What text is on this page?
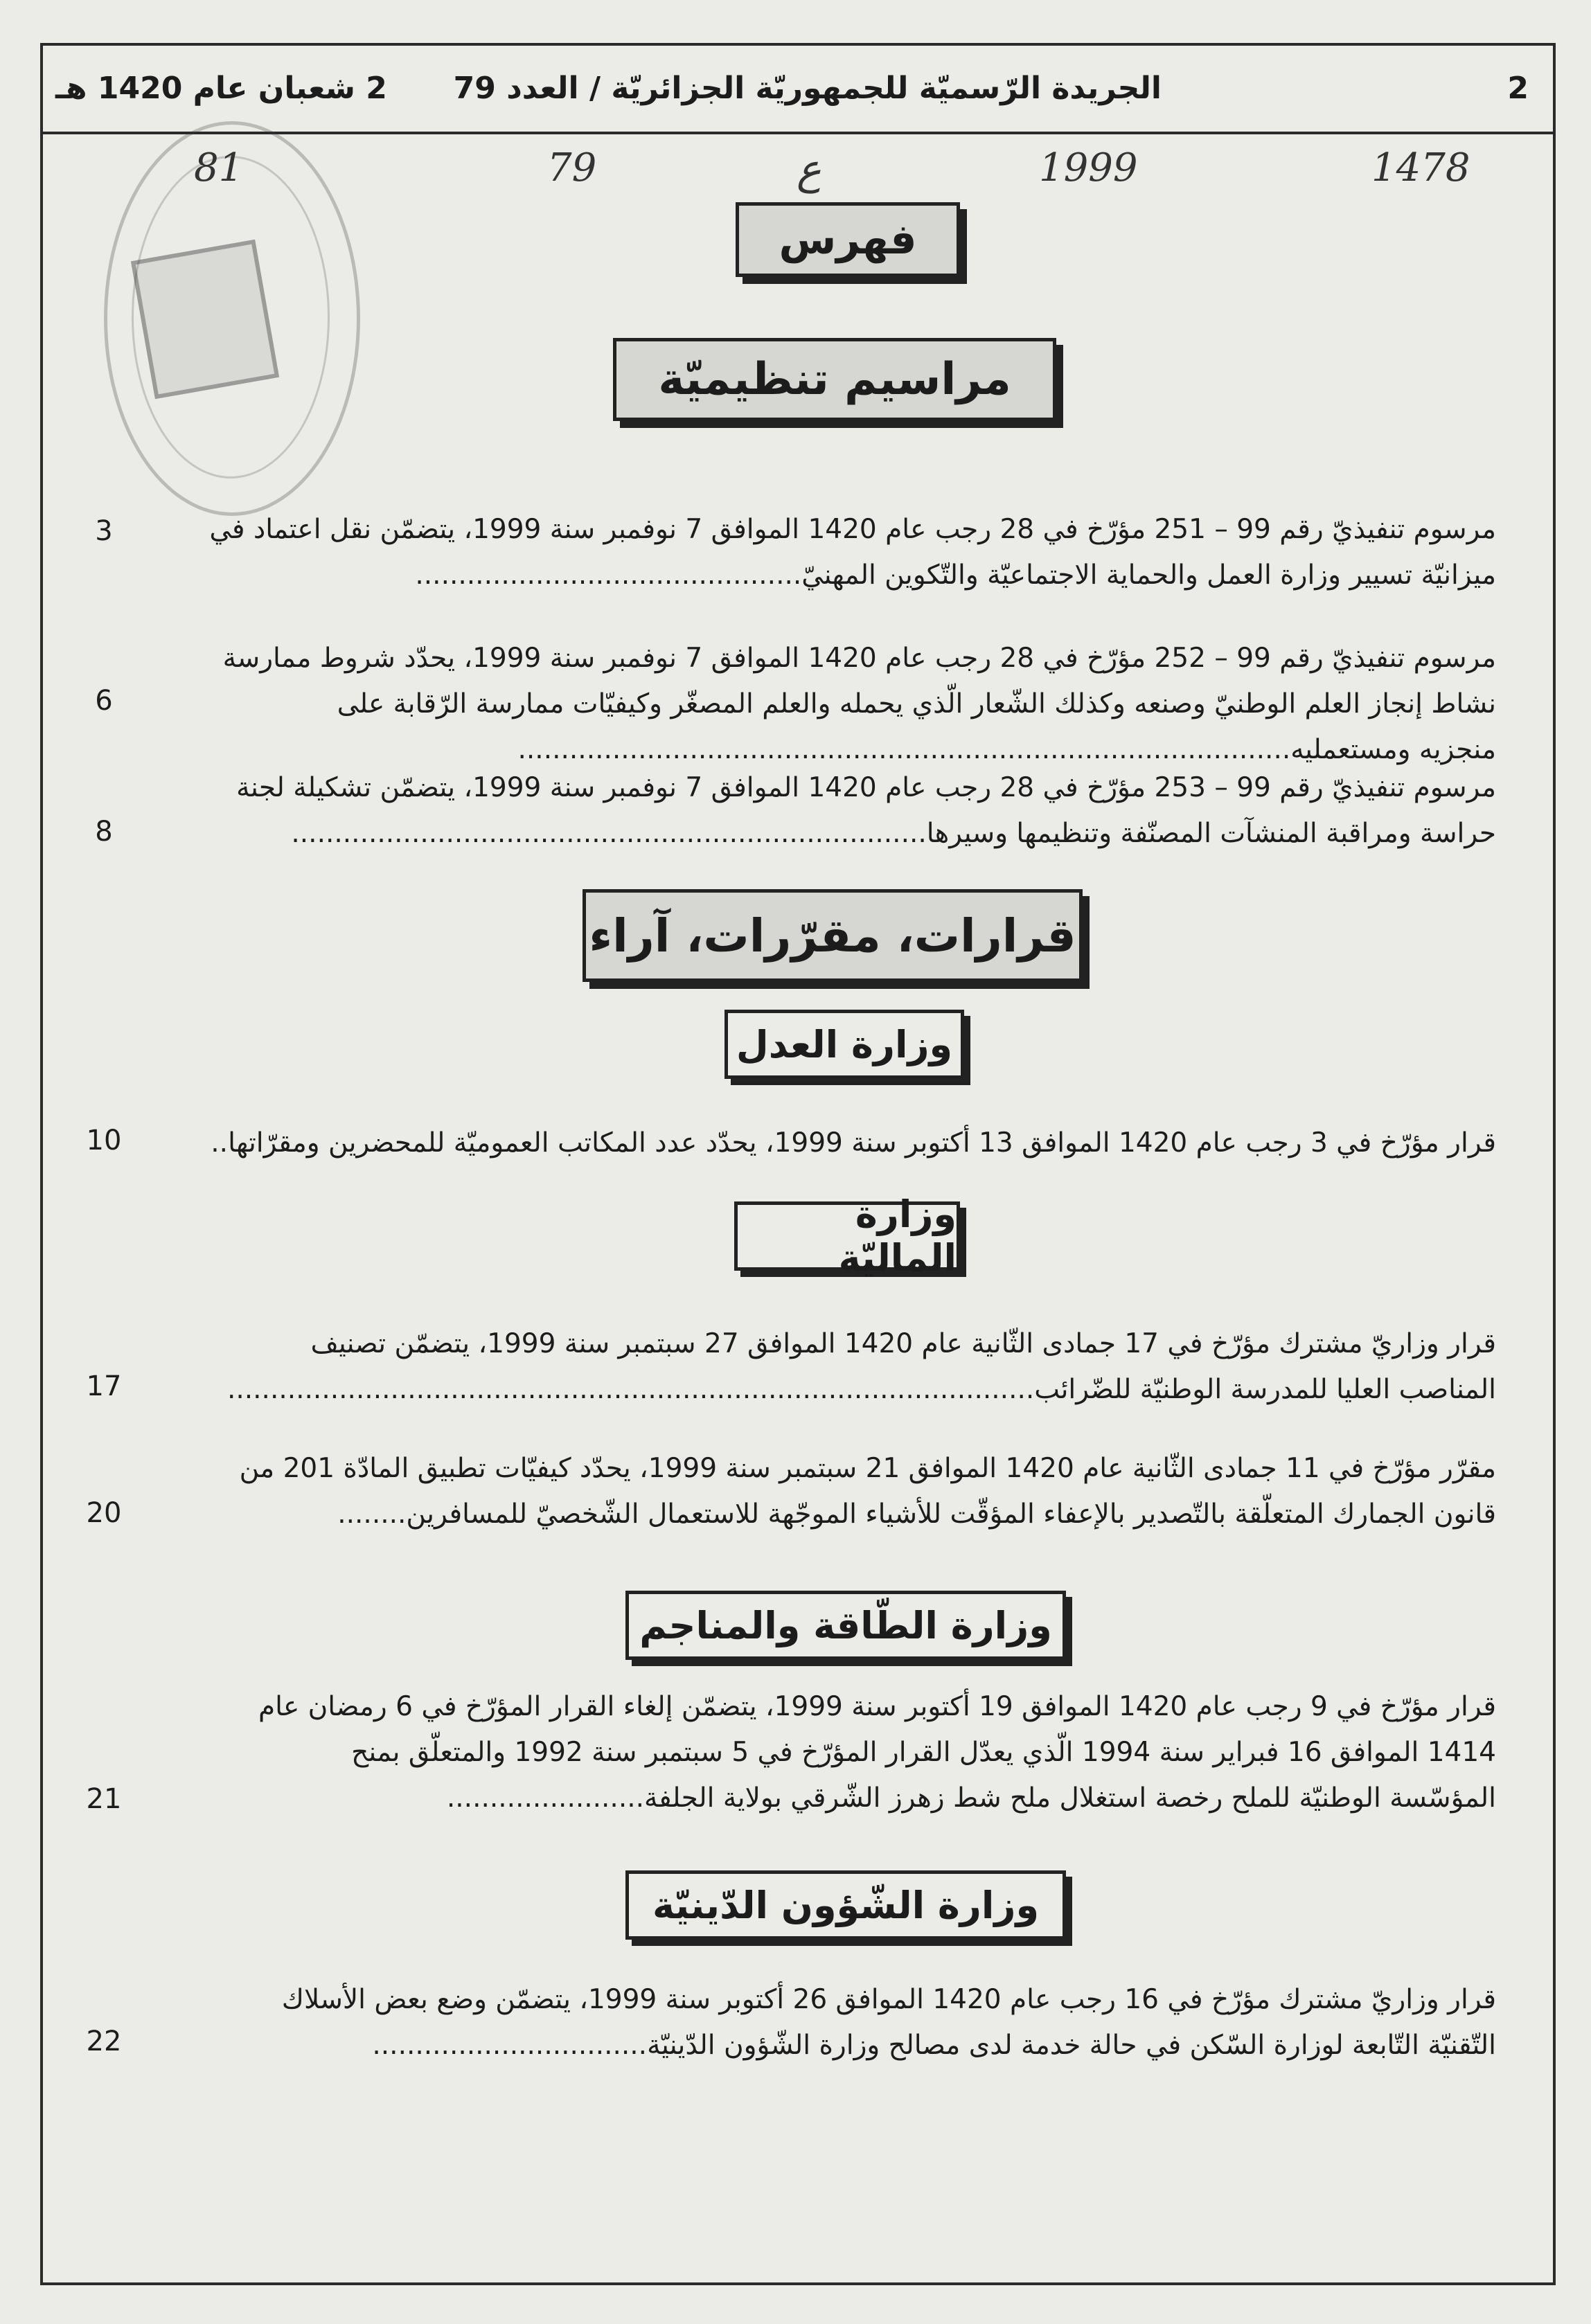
2
الجريدة الرّسميّة للجمهوريّة الجزائريّة / العدد 79
2 شعبان عام 1420 هـ
1478
1999
ع
79
81
فهرس
مراسيم تنظيميّة
مرسوم تنفيذيّ رقم 99 – 251 مؤرّخ في 28 رجب عام 1420 الموافق 7 نوفمبر سنة 1999، يتضمّن نقل اعتماد في
ميزانيّة تسيير وزارة العمل والحماية الاجتماعيّة والتّكوين المهنيّ.............................................
3
مرسوم تنفيذيّ رقم 99 – 252 مؤرّخ في 28 رجب عام 1420 الموافق 7 نوفمبر سنة 1999، يحدّد شروط ممارسة
نشاط إنجاز العلم الوطنيّ وصنعه وكذلك الشّعار الّذي يحمله والعلم المصغّر وكيفيّات ممارسة الرّقابة على
منجزيه ومستعمليه..........................................................................................
6
مرسوم تنفيذيّ رقم 99 – 253 مؤرّخ في 28 رجب عام 1420 الموافق 7 نوفمبر سنة 1999، يتضمّن تشكيلة لجنة
حراسة ومراقبة المنشآت المصنّفة وتنظيمها وسيرها..........................................................................
8
قرارات، مقرّرات، آراء
وزارة العدل
قرار مؤرّخ في 3 رجب عام 1420 الموافق 13 أكتوبر سنة 1999، يحدّد عدد المكاتب العموميّة للمحضرين ومقرّاتها..
10
وزارة الماليّة
قرار وزاريّ مشترك مؤرّخ في 17 جمادى الثّانية عام 1420 الموافق 27 سبتمبر سنة 1999، يتضمّن تصنيف
المناصب العليا للمدرسة الوطنيّة للضّرائب..............................................................................................
17
مقرّر مؤرّخ في 11 جمادى الثّانية عام 1420 الموافق 21 سبتمبر سنة 1999، يحدّد كيفيّات تطبيق المادّة 201 من
قانون الجمارك المتعلّقة بالتّصدير بالإعفاء المؤقّت للأشياء الموجّهة للاستعمال الشّخصيّ للمسافرين........
20
وزارة الطّاقة والمناجم
قرار مؤرّخ في 9 رجب عام 1420 الموافق 19 أكتوبر سنة 1999، يتضمّن إلغاء القرار المؤرّخ في 6 رمضان عام
1414 الموافق 16 فبراير سنة 1994 الّذي يعدّل القرار المؤرّخ في 5 سبتمبر سنة 1992 والمتعلّق بمنح
المؤسّسة الوطنيّة للملح رخصة استغلال ملح شط زهرز الشّرقي بولاية الجلفة.......................
21
وزارة الشّؤون الدّينيّة
قرار وزاريّ مشترك مؤرّخ في 16 رجب عام 1420 الموافق 26 أكتوبر سنة 1999، يتضمّن وضع بعض الأسلاك
التّقنيّة التّابعة لوزارة السّكن في حالة خدمة لدى مصالح وزارة الشّؤون الدّينيّة................................
22
